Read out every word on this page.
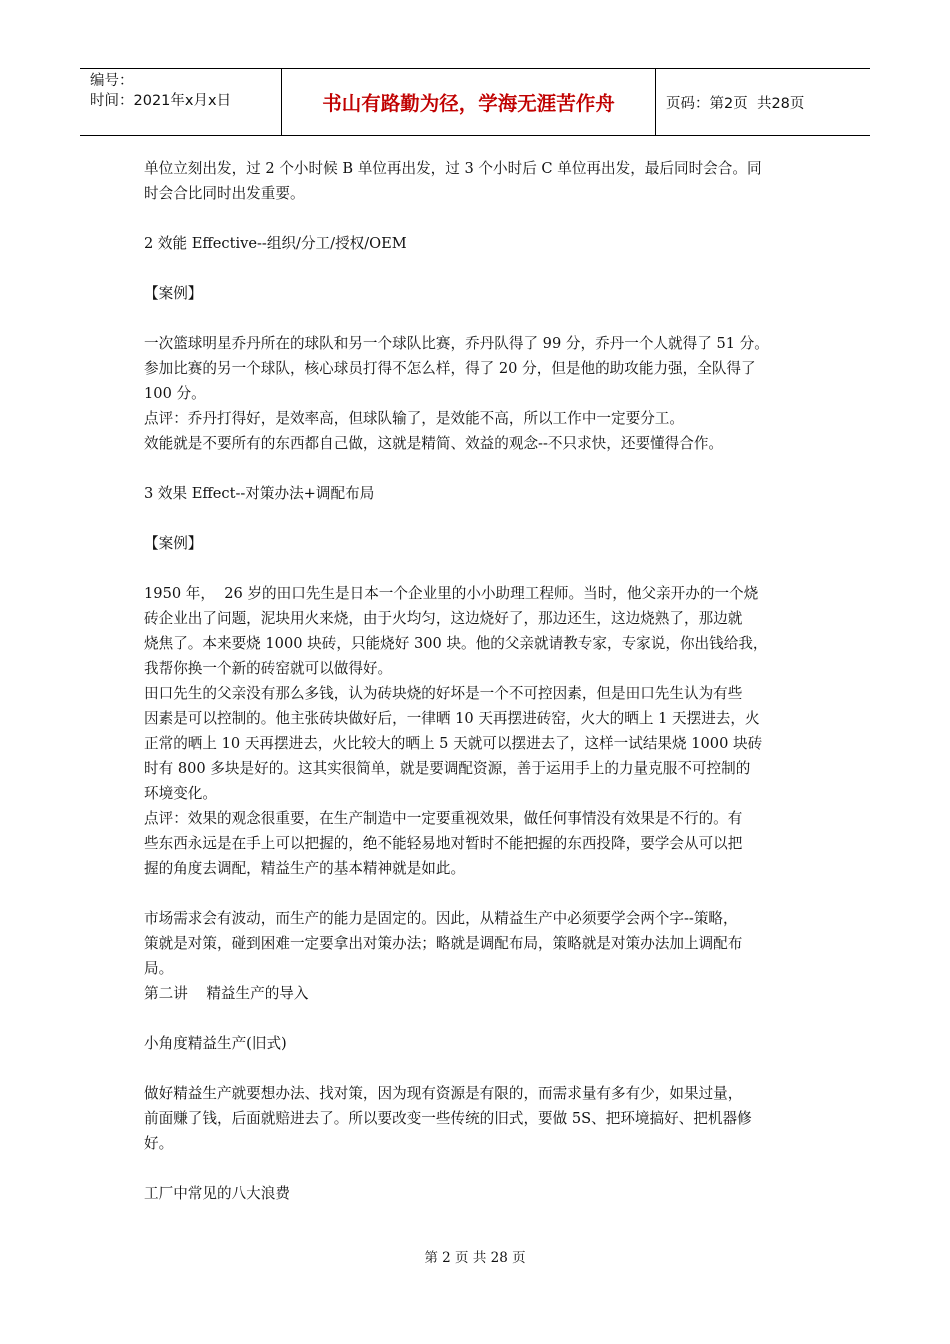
编号：
时间：2021年x月x日	书山有路勤为径，学海无涯苦作舟	页码：第2页  共28页
单位立刻出发，过 2 个小时候 B 单位再出发，过 3 个小时后 C 单位再出发，最后同时会合。同
时会合比同时出发重要。
2 效能 Effective--组织/分工/授权/OEM
【案例】
一次篮球明星乔丹所在的球队和另一个球队比赛，乔丹队得了 99 分，乔丹一个人就得了 51 分。
参加比赛的另一个球队，核心球员打得不怎么样，得了 20 分，但是他的助攻能力强，全队得了
100 分。
点评：乔丹打得好，是效率高，但球队输了，是效能不高，所以工作中一定要分工。
效能就是不要所有的东西都自己做，这就是精简、效益的观念--不只求快，还要懂得合作。
3 效果 Effect--对策办法+调配布局
【案例】
1950 年，  26 岁的田口先生是日本一个企业里的小小助理工程师。当时，他父亲开办的一个烧
砖企业出了问题，泥块用火来烧，由于火均匀，这边烧好了，那边还生，这边烧熟了，那边就
烧焦了。本来要烧 1000 块砖，只能烧好 300 块。他的父亲就请教专家，专家说，你出钱给我，
我帮你换一个新的砖窑就可以做得好。
田口先生的父亲没有那么多钱，认为砖块烧的好坏是一个不可控因素，但是田口先生认为有些
因素是可以控制的。他主张砖块做好后，一律晒 10 天再摆进砖窑，火大的晒上 1 天摆进去，火
正常的晒上 10 天再摆进去，火比较大的晒上 5 天就可以摆进去了，这样一试结果烧 1000 块砖
时有 800 多块是好的。这其实很简单，就是要调配资源，善于运用手上的力量克服不可控制的
环境变化。
点评：效果的观念很重要，在生产制造中一定要重视效果，做任何事情没有效果是不行的。有
些东西永远是在手上可以把握的，绝不能轻易地对暂时不能把握的东西投降，要学会从可以把
握的角度去调配，精益生产的基本精神就是如此。
市场需求会有波动，而生产的能力是固定的。因此，从精益生产中必须要学会两个字--策略，
策就是对策，碰到困难一定要拿出对策办法；略就是调配布局，策略就是对策办法加上调配布
局。
第二讲    精益生产的导入
小角度精益生产(旧式)
做好精益生产就要想办法、找对策，因为现有资源是有限的，而需求量有多有少，如果过量，
前面赚了钱，后面就赔进去了。所以要改变一些传统的旧式，要做 5S、把环境搞好、把机器修
好。
工厂中常见的八大浪费
第 2 页 共 28 页
